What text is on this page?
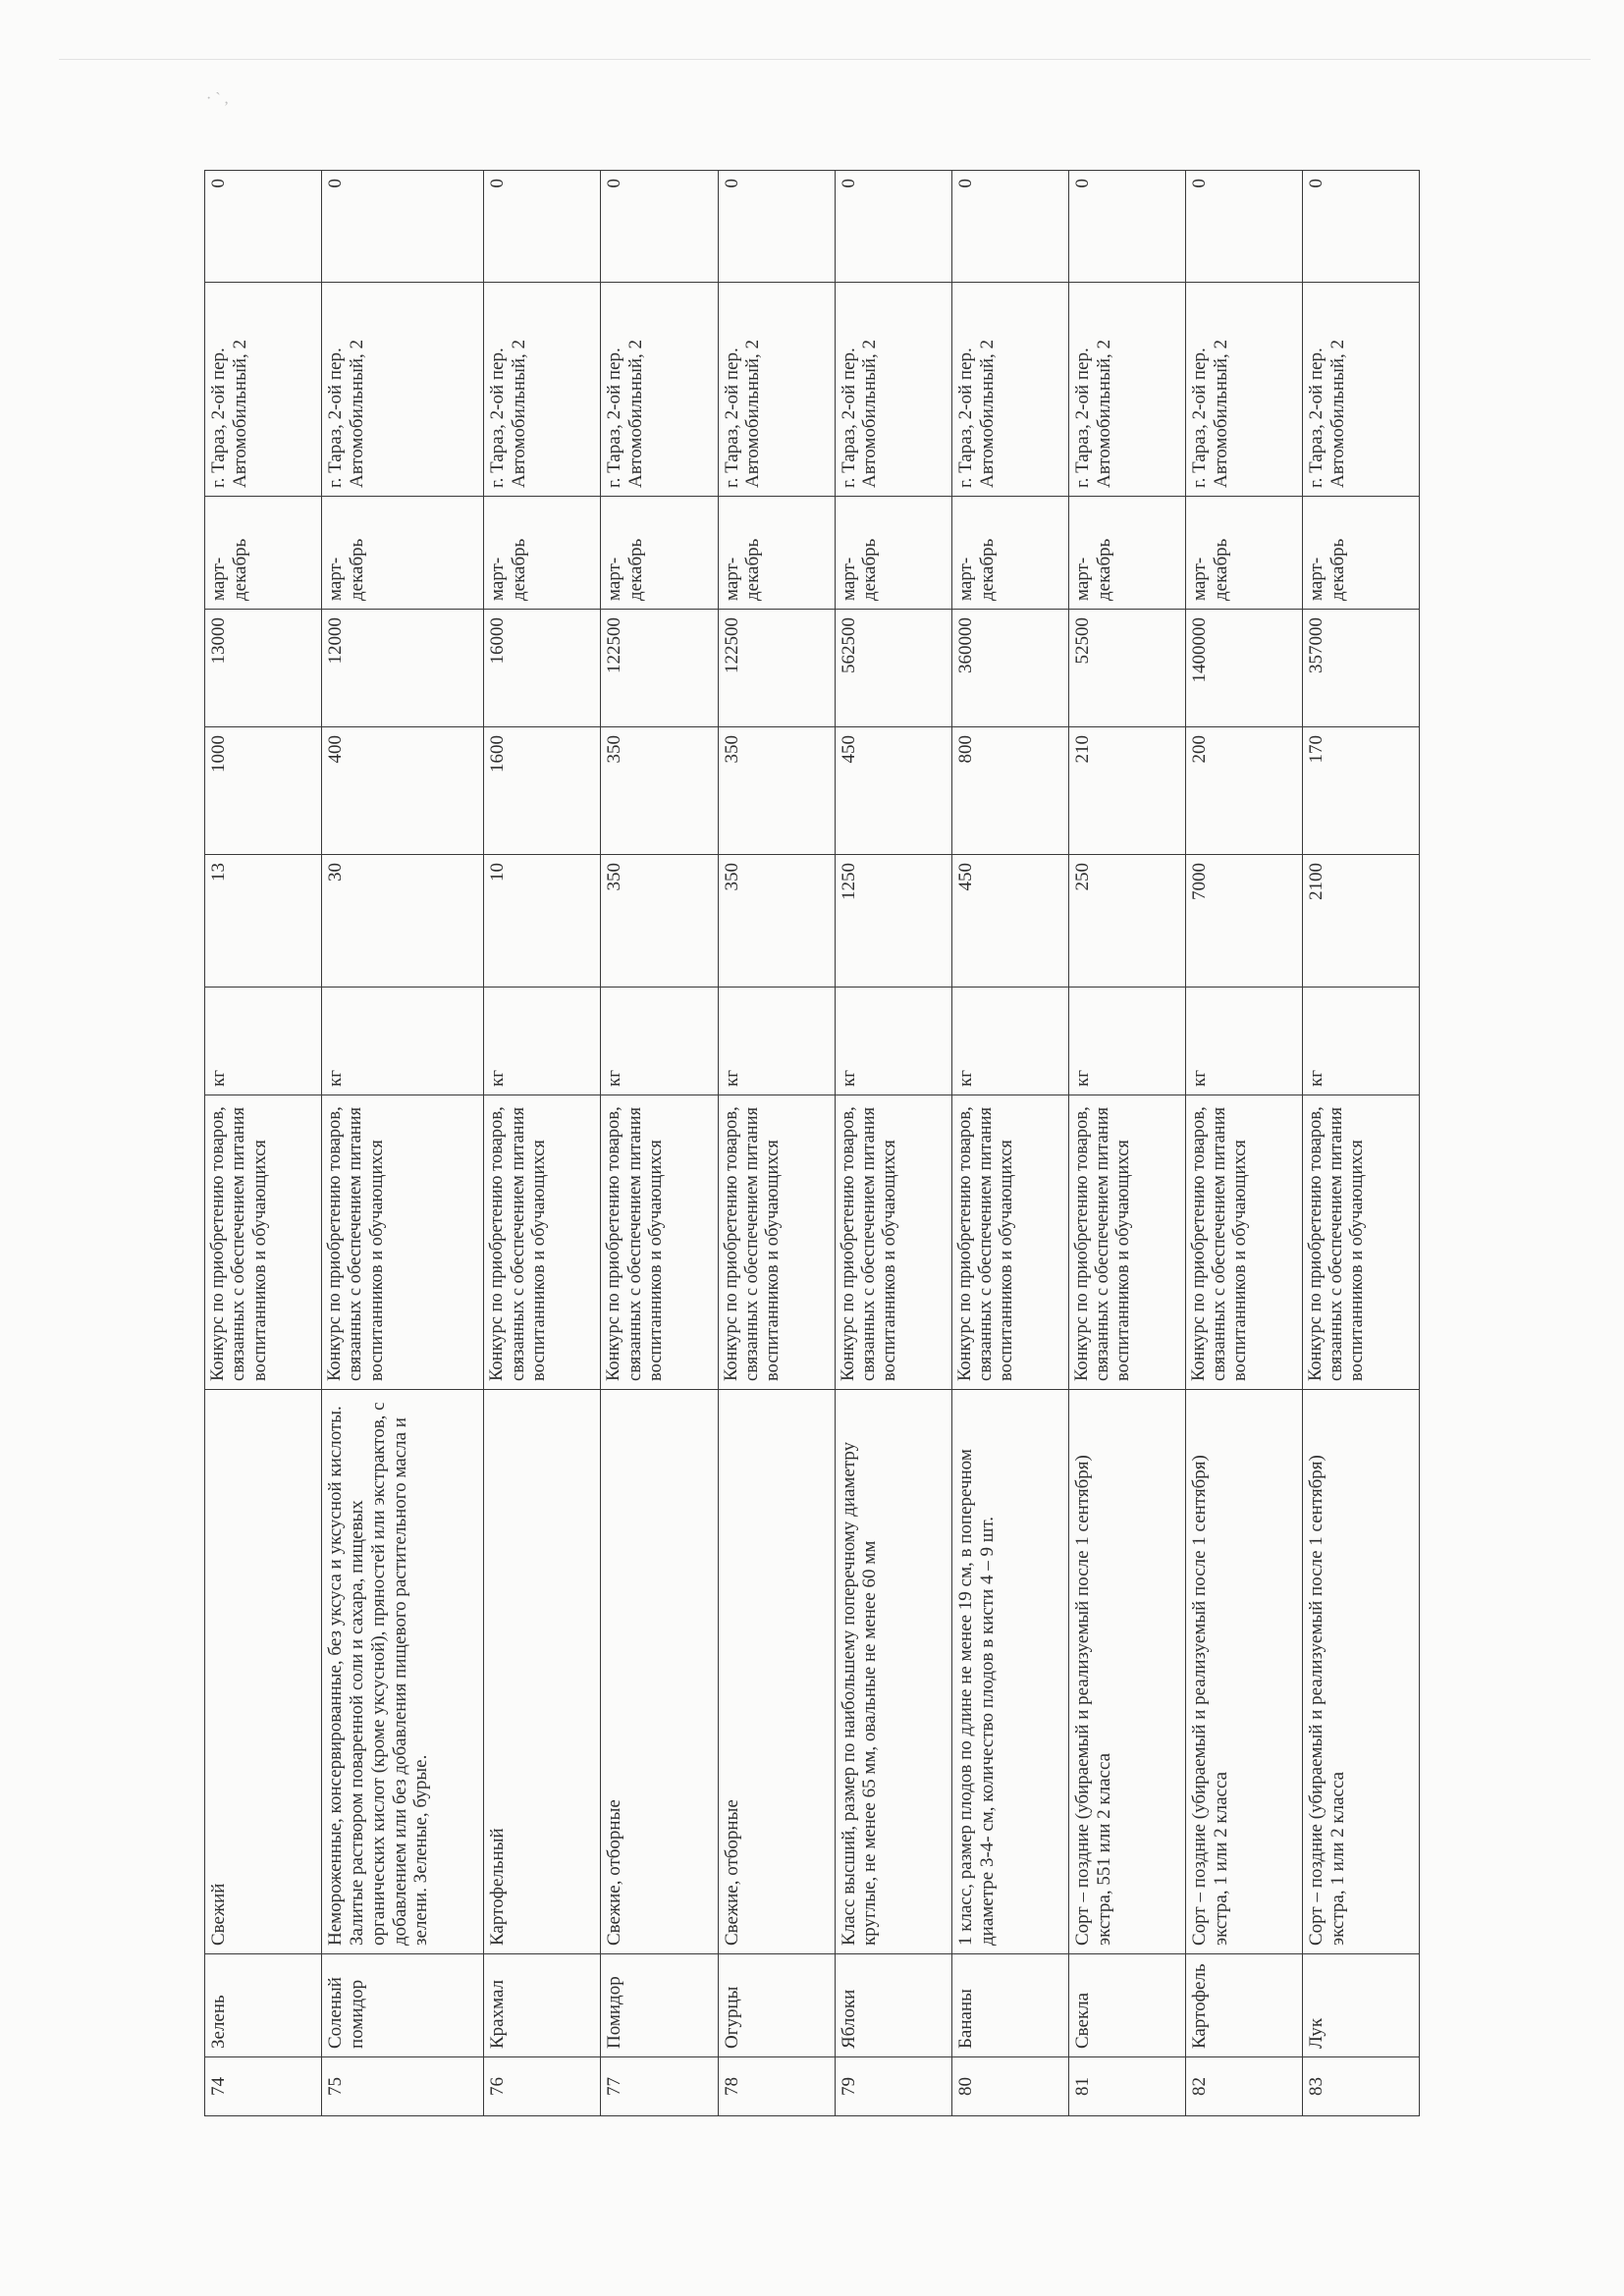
· ` ,
74	Зелень	Свежий	Конкурс по приобретению товаров, связанных с обеспечением питания воспитанников и обучающихся	кг	13	1000	13000	март-декабрь	г. Тараз, 2-ой пер. Автомобильный, 2	0
75	Соленый помидор	Немороженные, консервированные, без уксуса и уксусной кислоты. Залитые раствором поваренной соли и сахара, пищевых органических кислот (кроме уксусной), пряностей или экстрактов, с добавлением или без добавления пищевого растительного масла и зелени. Зеленые, бурые.	Конкурс по приобретению товаров, связанных с обеспечением питания воспитанников и обучающихся	кг	30	400	12000	март-декабрь	г. Тараз, 2-ой пер. Автомобильный, 2	0
76	Крахмал	Картофельный	Конкурс по приобретению товаров, связанных с обеспечением питания воспитанников и обучающихся	кг	10	1600	16000	март-декабрь	г. Тараз, 2-ой пер. Автомобильный, 2	0
77	Помидор	Свежие, отборные	Конкурс по приобретению товаров, связанных с обеспечением питания воспитанников и обучающихся	кг	350	350	122500	март-декабрь	г. Тараз, 2-ой пер. Автомобильный, 2	0
78	Огурцы	Свежие, отборные	Конкурс по приобретению товаров, связанных с обеспечением питания воспитанников и обучающихся	кг	350	350	122500	март-декабрь	г. Тараз, 2-ой пер. Автомобильный, 2	0
79	Яблоки	Класс высший, размер по наибольшему поперечному диаметру круглые, не менее 65 мм, овальные не менее 60 мм	Конкурс по приобретению товаров, связанных с обеспечением питания воспитанников и обучающихся	кг	1250	450	562500	март-декабрь	г. Тараз, 2-ой пер. Автомобильный, 2	0
80	Бананы	1 класс, размер плодов по длине не менее 19 см, в поперечном диаметре 3-4- см, количество плодов в кисти 4 – 9 шт.	Конкурс по приобретению товаров, связанных с обеспечением питания воспитанников и обучающихся	кг	450	800	360000	март-декабрь	г. Тараз, 2-ой пер. Автомобильный, 2	0
81	Свекла	Сорт – поздние (убираемый и реализуемый после 1 сентября) экстра, 551 или 2 класса	Конкурс по приобретению товаров, связанных с обеспечением питания воспитанников и обучающихся	кг	250	210	52500	март-декабрь	г. Тараз, 2-ой пер. Автомобильный, 2	0
82	Картофель	Сорт – поздние (убираемый и реализуемый после 1 сентября) экстра, 1 или 2 класса	Конкурс по приобретению товаров, связанных с обеспечением питания воспитанников и обучающихся	кг	7000	200	1400000	март-декабрь	г. Тараз, 2-ой пер. Автомобильный, 2	0
83	Лук	Сорт – поздние (убираемый и реализуемый после 1 сентября) экстра, 1 или 2 класса	Конкурс по приобретению товаров, связанных с обеспечением питания воспитанников и обучающихся	кг	2100	170	357000	март-декабрь	г. Тараз, 2-ой пер. Автомобильный, 2	0
